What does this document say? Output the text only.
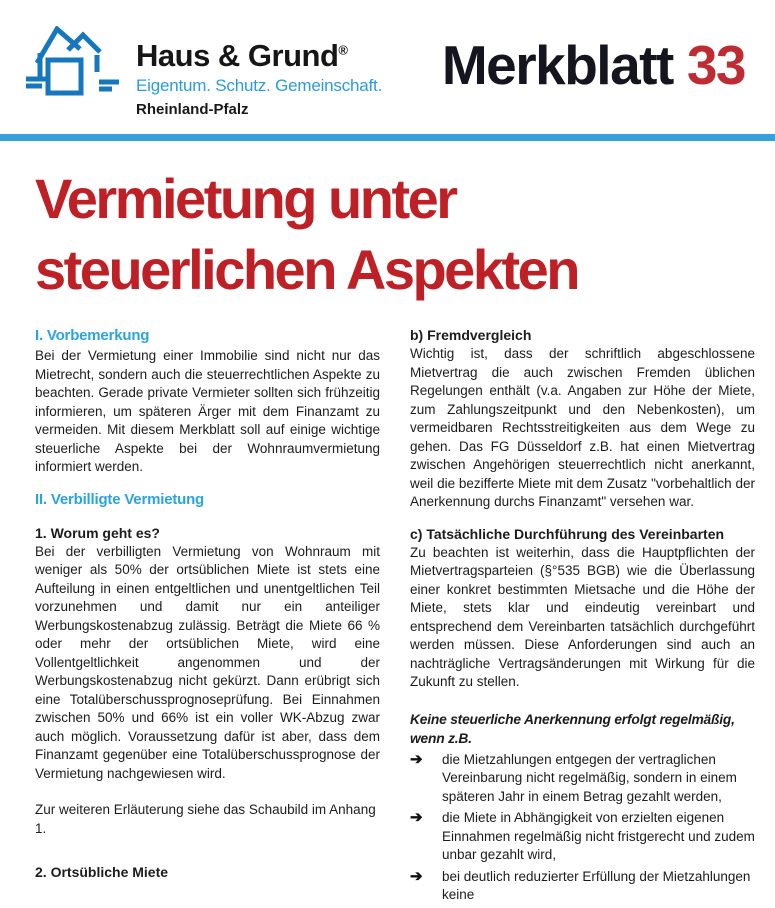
Haus & Grund®
Eigentum. Schutz. Gemeinschaft.
Rheinland-Pfalz
Merkblatt 33
Vermietung unter
steuerlichen Aspekten
I. Vorbemerkung
Bei der Vermietung einer Immobilie sind nicht nur das Mietrecht, sondern auch die steuerrechtlichen Aspekte zu beachten. Gerade private Vermieter sollten sich frühzeitig informieren, um späteren Ärger mit dem Finanzamt zu vermeiden. Mit diesem Merkblatt soll auf einige wichtige steuerliche Aspekte bei der Wohnraumvermietung informiert werden.
II. Verbilligte Vermietung
1. Worum geht es?
Bei der verbilligten Vermietung von Wohnraum mit weniger als 50% der ortsüblichen Miete ist stets eine Aufteilung in einen entgeltlichen und unentgeltlichen Teil vorzunehmen und damit nur ein anteiliger Werbungskostenabzug zulässig. Beträgt die Miete 66 % oder mehr der ortsüblichen Miete, wird eine Vollentgeltlichkeit angenommen und der Werbungskostenabzug nicht gekürzt. Dann erübrigt sich eine Totalüberschussprognoseprüfung. Bei Einnahmen zwischen 50% und 66% ist ein voller WK-Abzug zwar auch möglich. Voraussetzung dafür ist aber, dass dem Finanzamt gegenüber eine Totalüberschussprognose der Vermietung nachgewiesen wird.
Zur weiteren Erläuterung siehe das Schaubild im Anhang 1.
2. Ortsübliche Miete
b) Fremdvergleich
Wichtig ist, dass der schriftlich abgeschlossene Mietvertrag die auch zwischen Fremden üblichen Regelungen enthält (v.a. Angaben zur Höhe der Miete, zum Zahlungszeitpunkt und den Nebenkosten), um vermeidbaren Rechtsstreitigkeiten aus dem Wege zu gehen. Das FG Düsseldorf z.B. hat einen Mietvertrag zwischen Angehörigen steuerrechtlich nicht anerkannt, weil die bezifferte Miete mit dem Zusatz "vorbehaltlich der Anerkennung durchs Finanzamt" versehen war.
c) Tatsächliche Durchführung des Vereinbarten
Zu beachten ist weiterhin, dass die Hauptpflichten der Mietvertragsparteien (§°535 BGB) wie die Überlassung einer konkret bestimmten Mietsache und die Höhe der Miete, stets klar und eindeutig vereinbart und entsprechend dem Vereinbarten tatsächlich durchgeführt werden müssen. Diese Anforderungen sind auch an nachträgliche Vertragsänderungen mit Wirkung für die Zukunft zu stellen.
Keine steuerliche Anerkennung erfolgt regelmäßig, wenn z.B.
➔	die Mietzahlungen entgegen der vertraglichen Vereinbarung nicht regelmäßig, sondern in einem späteren Jahr in einem Betrag gezahlt werden,
➔	die Miete in Abhängigkeit von erzielten eigenen Einnahmen regelmäßig nicht fristgerecht und zudem unbar gezahlt wird,
➔	bei deutlich reduzierter Erfüllung der Mietzahlungen keine
